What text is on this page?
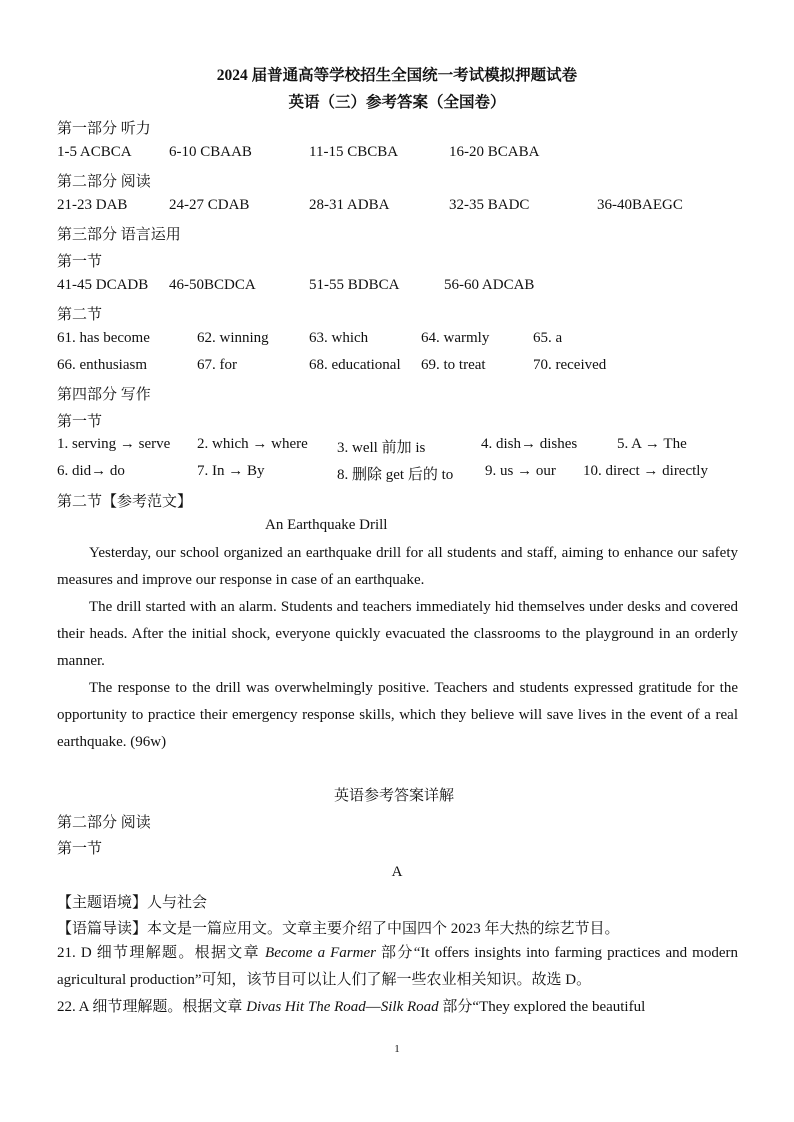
2024 届普通高等学校招生全国统一考试模拟押题试卷
英语（三）参考答案（全国卷）
第一部分 听力
1-5 ACBCA 6-10 CBAAB	11-15 CBCBA	16-20 BCABA
第二部分 阅读
21-23 DAB	24-27 CDAB	28-31 ADBA	32-35 BADC	36-40BAEGC
第三部分 语言运用
第一节
41-45 DCADB 46-50BCDCA	51-55 BDBCA	56-60 ADCAB
第二节
61. has become	62. winning	63. which	64. warmly	65. a
66. enthusiasm	67. for	68. educational 69. to treat	70. received
第四部分 写作
第一节
1. serving → serve 2. which → where 3. well 前加 is	4. dish→ dishes	5. A → The
6. did→ do	7. In → By	8. 删除 get 后的 to 9. us → our 10. direct → directly
第二节【参考范文】
An Earthquake Drill
Yesterday, our school organized an earthquake drill for all students and staff, aiming to enhance our safety measures and improve our response in case of an earthquake.
The drill started with an alarm. Students and teachers immediately hid themselves under desks and covered their heads. After the initial shock, everyone quickly evacuated the classrooms to the playground in an orderly manner.
The response to the drill was overwhelmingly positive. Teachers and students expressed gratitude for the opportunity to practice their emergency response skills, which they believe will save lives in the event of a real earthquake. (96w)
英语参考答案详解
第二部分 阅读
第一节
A
【主题语境】人与社会
【语篇导读】本文是一篇应用文。文章主要介绍了中国四个 2023 年大热的综艺节目。
21. D 细节理解题。根据文章 Become a Farmer 部分“It offers insights into farming practices and modern agricultural production”可知，该节目可以让人们了解一些农业相关知识。故选 D。
22. A 细节理解题。根据文章 Divas Hit The Road—Silk Road 部分“They explored the beautiful
1
